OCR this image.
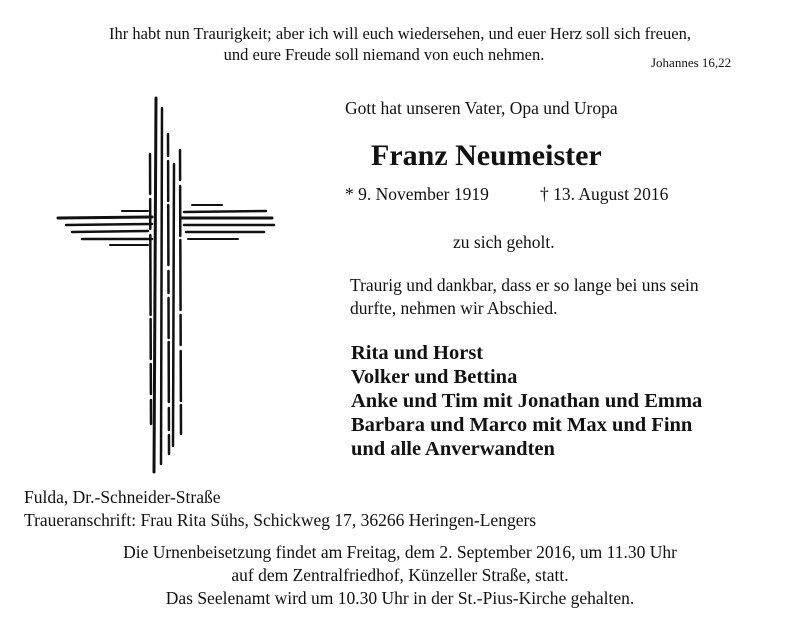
Ihr habt nun Traurigkeit; aber ich will euch wiedersehen, und euer Herz soll sich freuen,
und eure Freude soll niemand von euch nehmen.	Johannes 16,22
Gott hat unseren Vater, Opa und Uropa
Franz Neumeister
* 9. November 1919	† 13. August 2016
zu sich geholt.
Traurig und dankbar, dass er so lange bei uns sein
durfte, nehmen wir Abschied.
Rita und Horst
Volker und Bettina
Anke und Tim mit Jonathan und Emma
Barbara und Marco mit Max und Finn
und alle Anverwandten
Fulda, Dr.-Schneider-Straße
Traueranschrift: Frau Rita Sühs, Schickweg 17, 36266 Heringen-Lengers
Die Urnenbeisetzung findet am Freitag, dem 2. September 2016, um 11.30 Uhr
auf dem Zentralfriedhof, Künzeller Straße, statt.
Das Seelenamt wird um 10.30 Uhr in der St.-Pius-Kirche gehalten.
